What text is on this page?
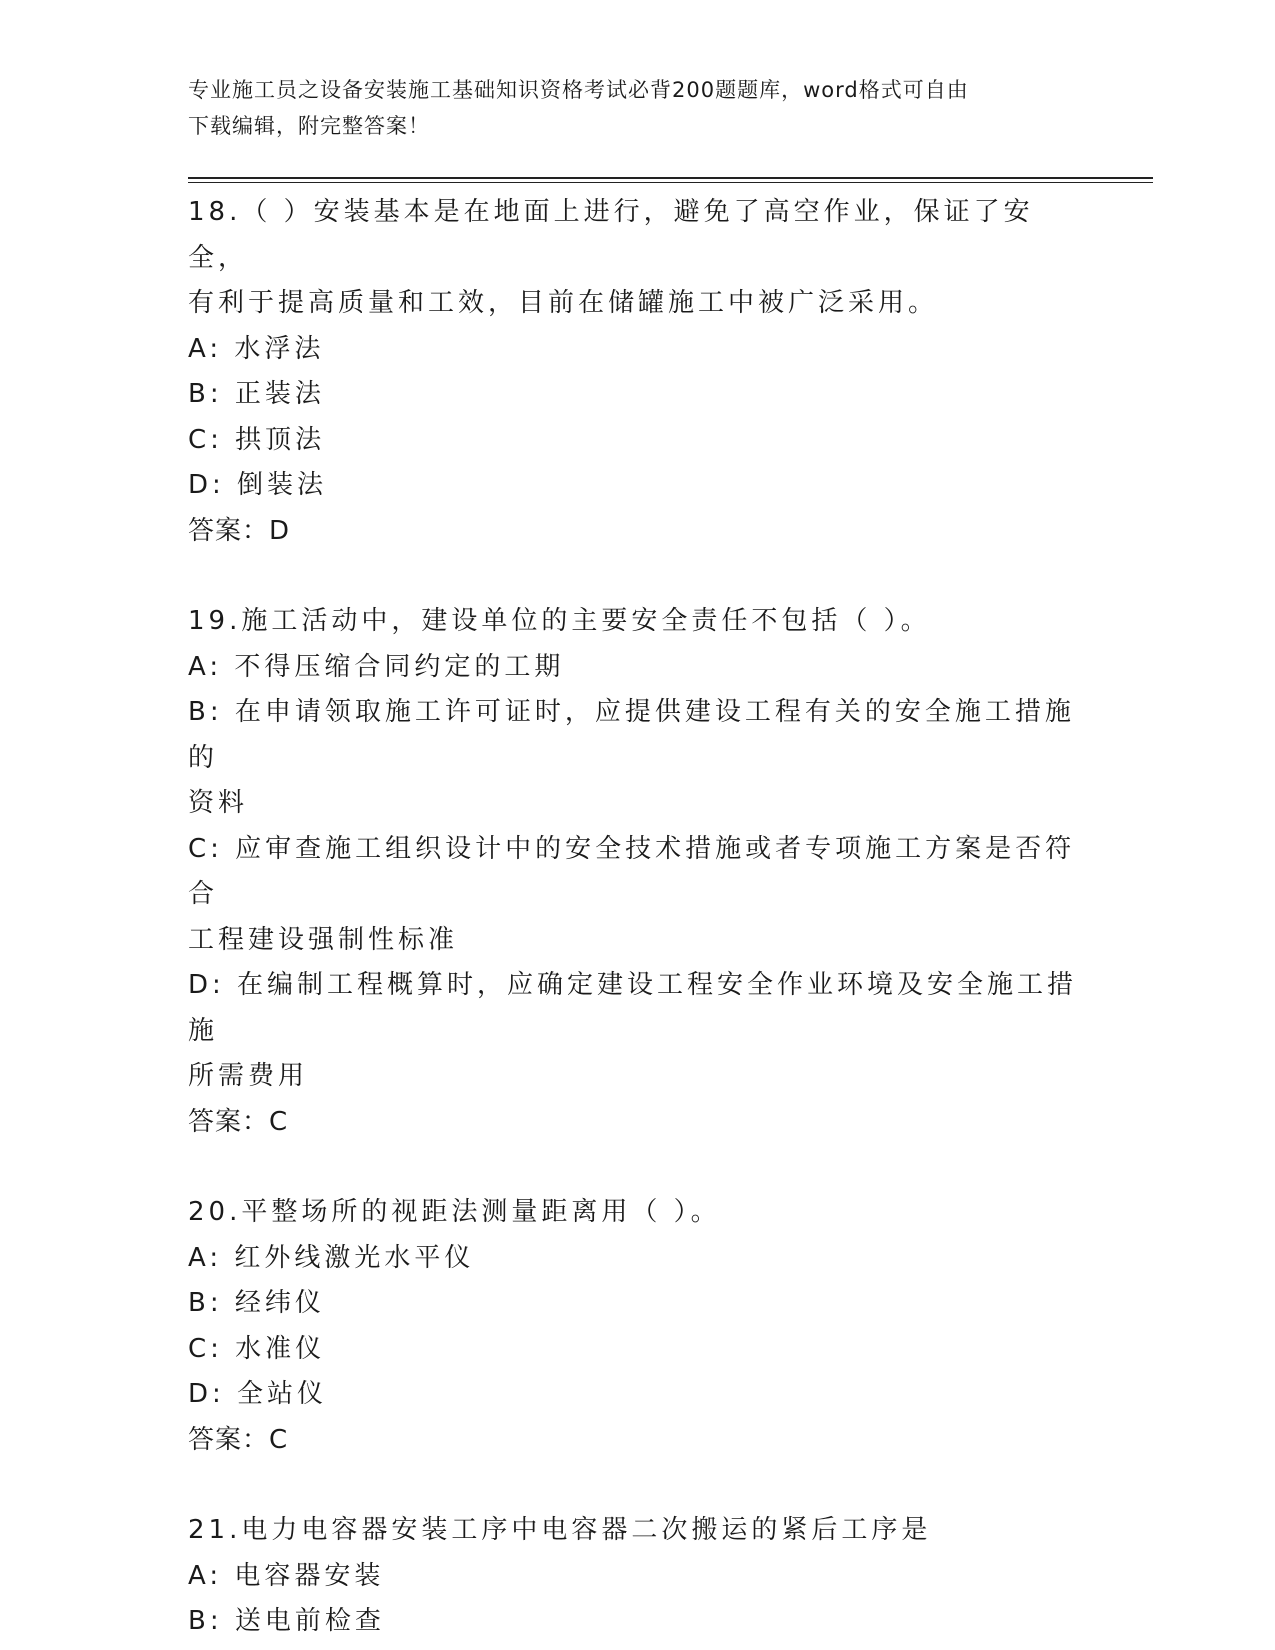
专业施工员之设备安装施工基础知识资格考试必背200题题库，word格式可自由
下载编辑，附完整答案！
18.（ ）安装基本是在地面上进行，避免了高空作业，保证了安全，
有利于提高质量和工效，目前在储罐施工中被广泛采用。
A: 水浮法
B: 正装法
C: 拱顶法
D: 倒装法
答案：D
19.施工活动中，建设单位的主要安全责任不包括（ ）。
A: 不得压缩合同约定的工期
B: 在申请领取施工许可证时，应提供建设工程有关的安全施工措施的
资料
C: 应审查施工组织设计中的安全技术措施或者专项施工方案是否符合
工程建设强制性标准
D: 在编制工程概算时，应确定建设工程安全作业环境及安全施工措施
所需费用
答案：C
20.平整场所的视距法测量距离用（ ）。
A: 红外线激光水平仪
B: 经纬仪
C: 水准仪
D: 全站仪
答案：C
21.电力电容器安装工序中电容器二次搬运的紧后工序是
A: 电容器安装
B: 送电前检查
